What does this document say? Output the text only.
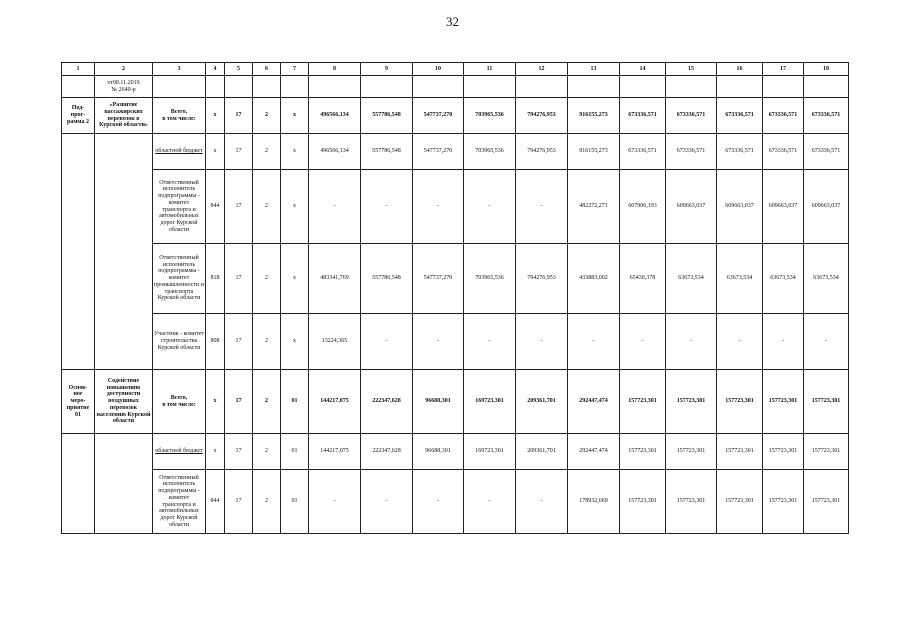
32
1	2	3	4	5	6	7	8	9	10	11	12	13	14	15	16	17	18

	от08.11.2019
№ 2640-р																

Под-
прог-
рамма 2	«Развитие пассажирских перевозок в Курской области»	Всего,
в том числе:	х	17	2	х	496566,134	557786,548	547737,270	703965,536	794276,953	916155,273	673336,571	673336,571	673336,571	673336,571	673336,571
		областной бюджет	х	17	2	х	496566,134	557786,548	547737,270	703965,536	794276,953	916155,273	673336,571	673336,571	673336,571	673336,571	673336,571
		Ответственный исполнитель подпрограммы - комитет транспорта и автомобильных дорог Курской области	844	17	2	х	-	-	-	-	-	482272,271	607906,193	609663,037	609663,037	609663,037	609663,037
		Ответственный исполнитель подпрограммы - комитет промышленности и транспорта Курской области	818	17	2	х	483341,769	557786,548	547737,270	703965,536	794276,953	433883,002	65430,378	63673,534	63673,534	63673,534	63673,534
		Участник - комитет строительства Курской области	808	17	2	х	13224,365	-	-	-	-	-	-	-	-	-	-
Основ-
ное
меро-
приятие
01	Содействие повышению доступности воздушных перевозок населению Курской области	Всего,
в том числе:	х	17	2	01	144217,075	222347,628	96688,301	169723,301	209361,701	292447,474	157723,301	157723,301	157723,301	157723,301	157723,301
		областной бюджет	х	17	2	01	144217,075	222347,628	96688,301	169723,301	209361,701	292447,474	157723,301	157723,301	157723,301	157723,301	157723,301
		Ответственный исполнитель подпрограммы - комитет транспорта и автомобильных дорог Курской области	844	17	2	01	-	-	-	-	-	178932,669	157723,301	157723,301	157723,301	157723,301	157723,301
